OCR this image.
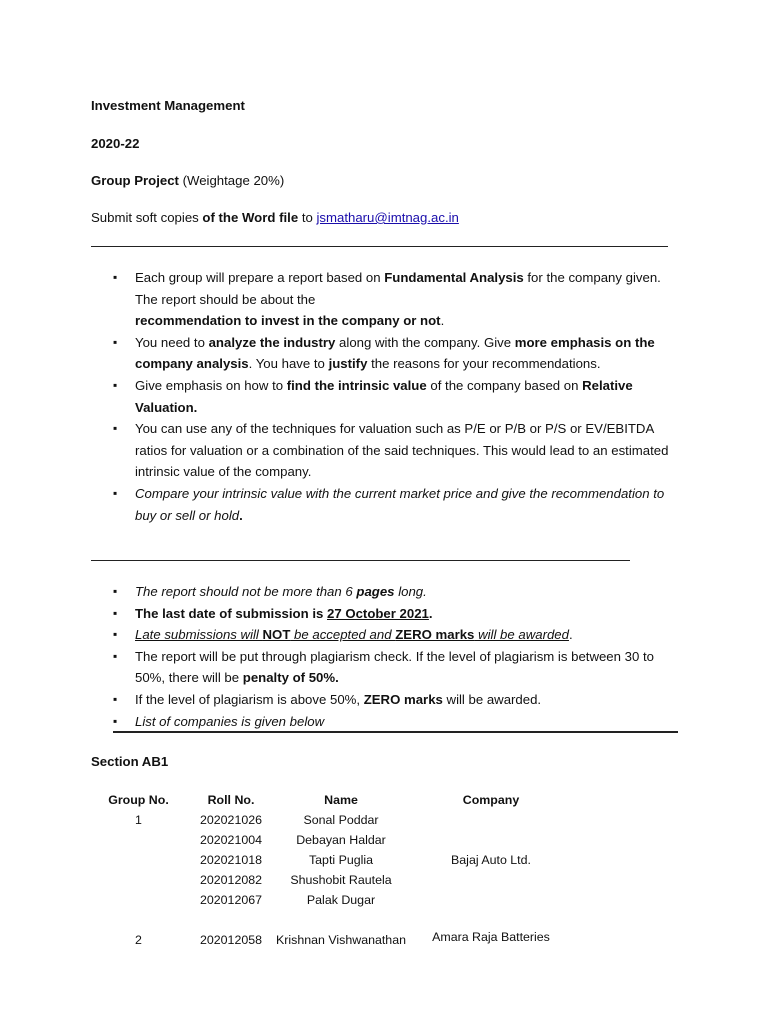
Investment Management
2020-22
Group Project (Weightage 20%)
Submit soft copies of the Word file to jsmatharu@imtnag.ac.in
▪ Each group will prepare a report based on Fundamental Analysis for the company given. The report should be about the
recommendation to invest in the company or not.
▪ You need to analyze the industry along with the company. Give more emphasis on the company analysis. You have to justify the reasons for your recommendations.
▪ Give emphasis on how to find the intrinsic value of the company based on Relative Valuation.
▪ You can use any of the techniques for valuation such as P/E or P/B or P/S or EV/EBITDA ratios for valuation or a combination of the said techniques. This would lead to an estimated intrinsic value of the company.
▪ Compare your intrinsic value with the current market price and give the recommendation to buy or sell or hold.
▪ The report should not be more than 6 pages long.
▪ The last date of submission is 27 October 2021.
▪ Late submissions will NOT be accepted and ZERO marks will be awarded.
▪ The report will be put through plagiarism check. If the level of plagiarism is between 30 to 50%, there will be penalty of 50%.
▪ If the level of plagiarism is above 50%, ZERO marks will be awarded.
▪ List of companies is given below
Section AB1
Group No.	Roll No.	Name	Company
1	202021026	Sonal Poddar	Bajaj Auto Ltd.
	202021004	Debayan Haldar	
	202021018	Tapti Puglia	
	202012082	Shushobit Rautela	
	202012067	Palak Dugar	

2	202012058	Krishnan Vishwanathan	Amara Raja Batteries
